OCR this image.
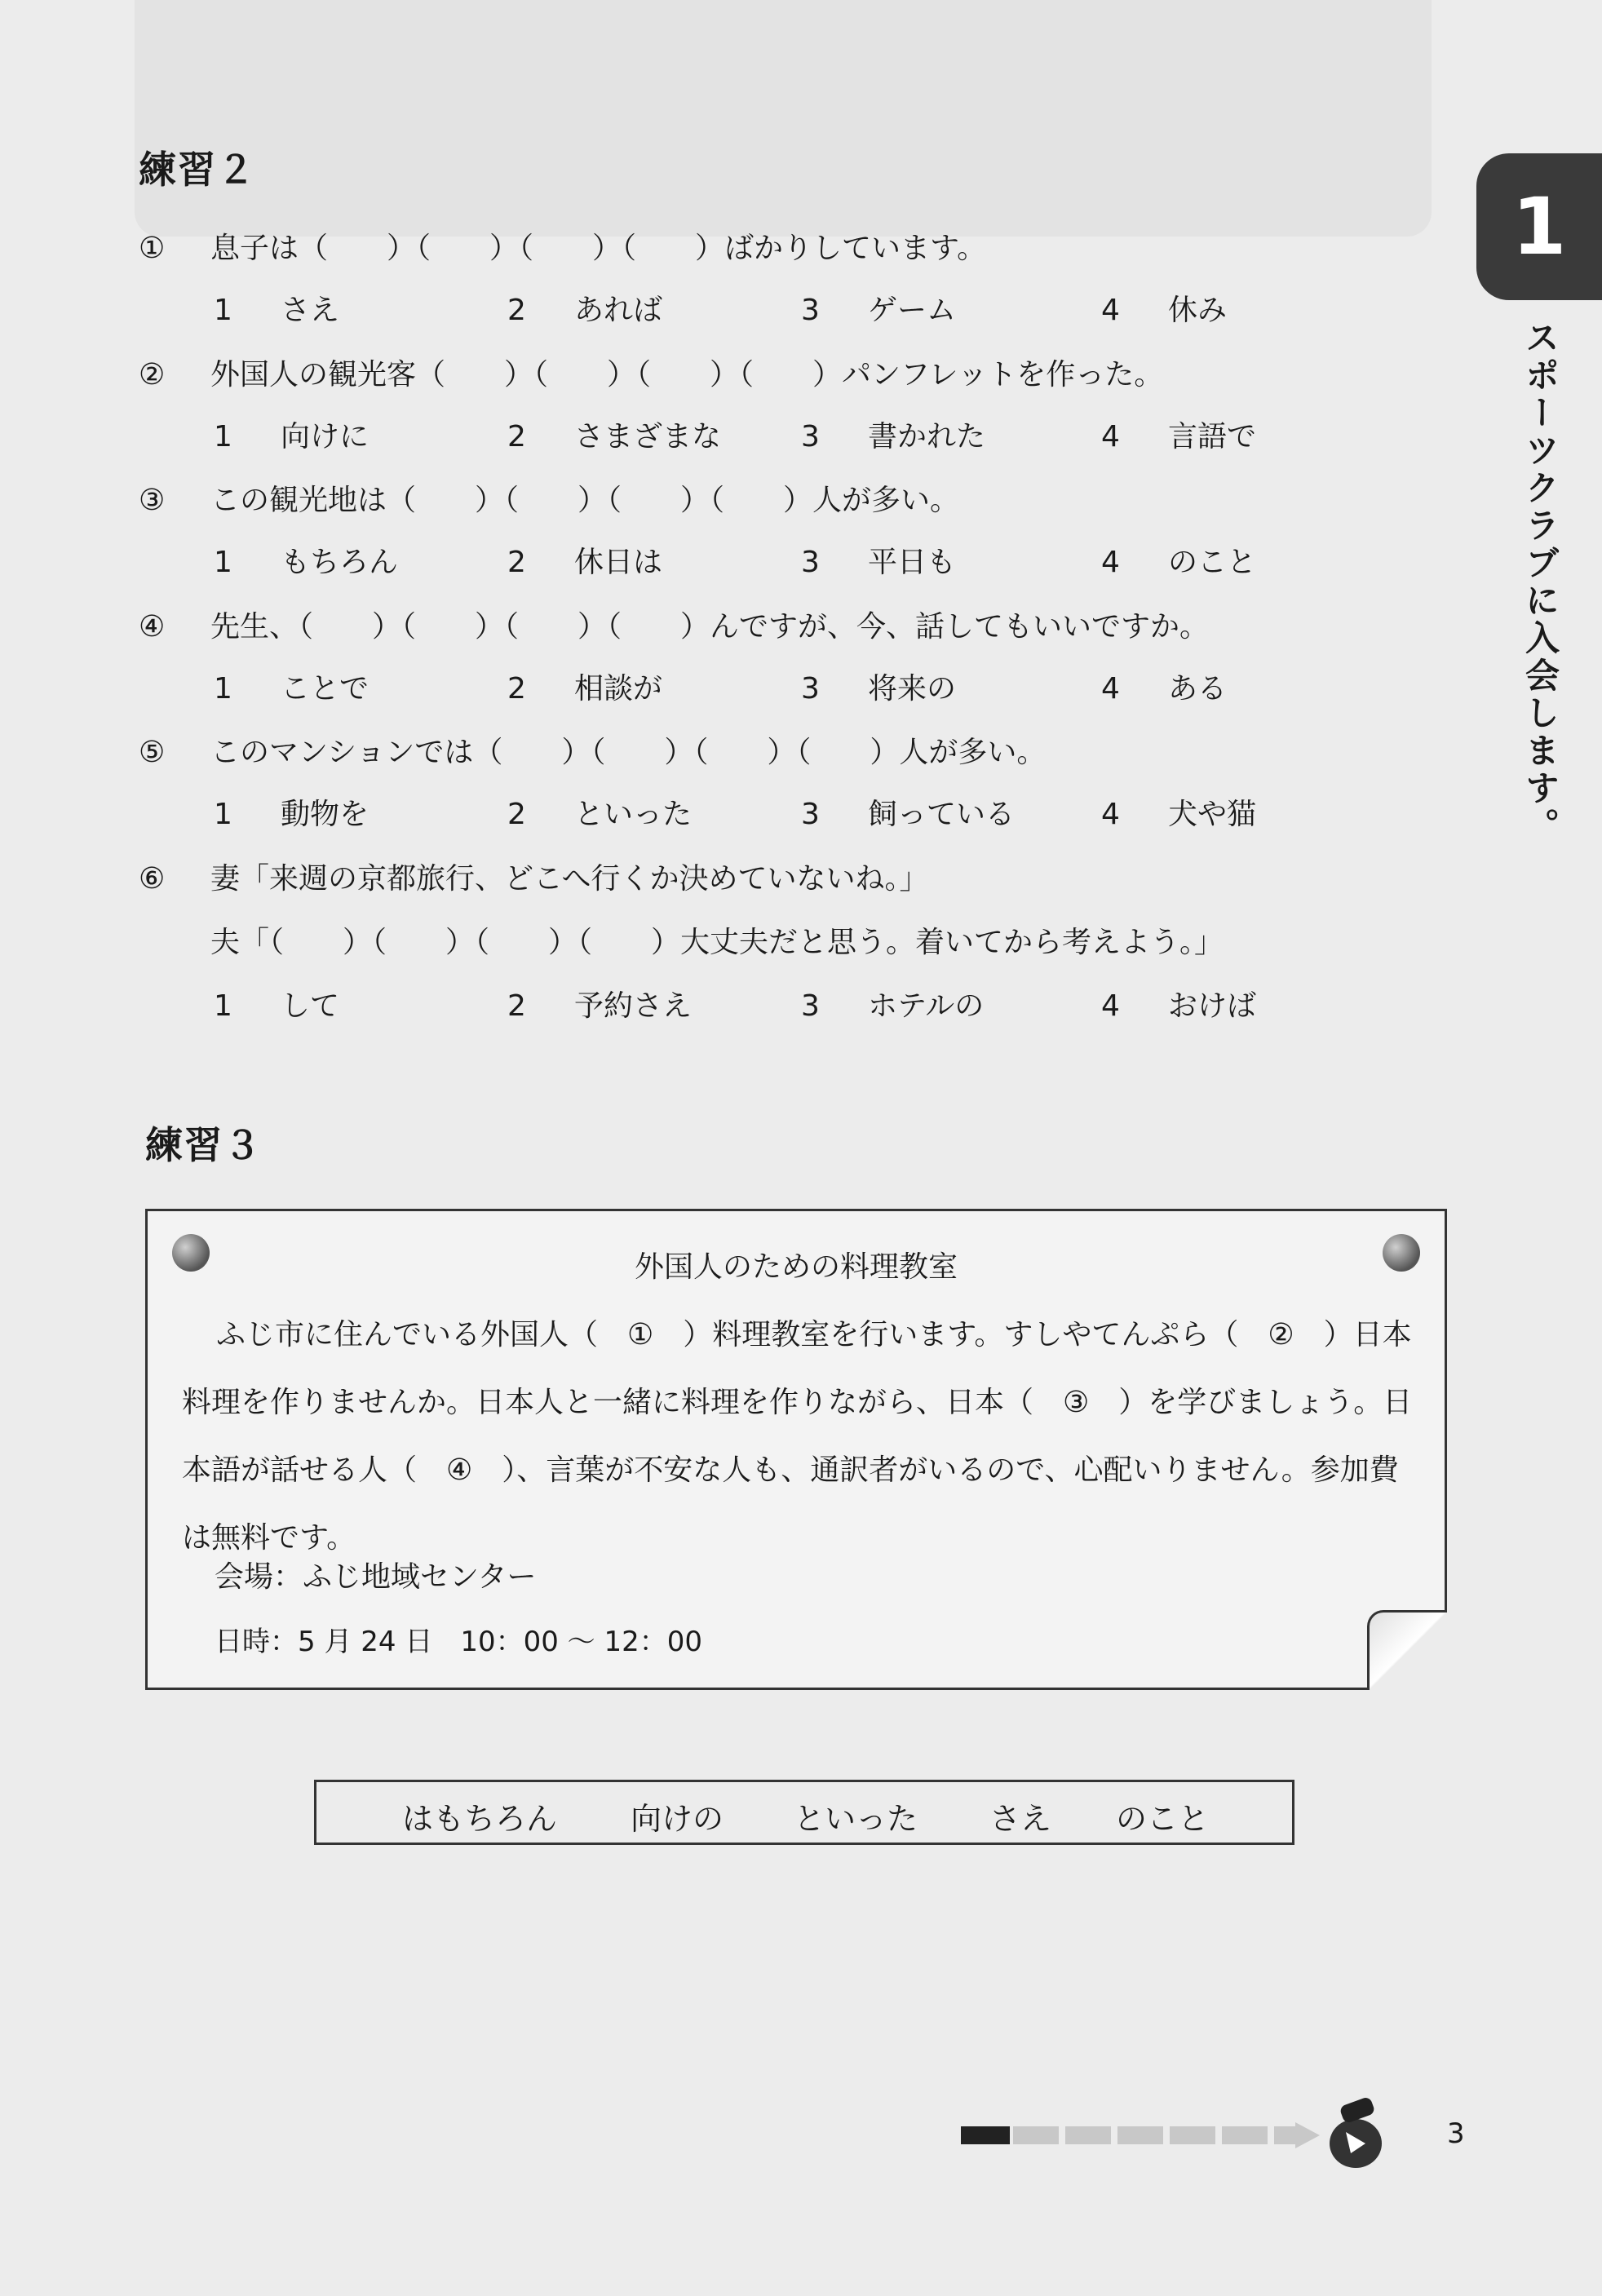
1
スポーツクラブに入会します。
練習２
① 息子は（　　）（　　）（　　）（　　）ばかりしています。
1 さえ	2 あれば	3 ゲーム	4 休み
② 外国人の観光客（　　）（　　）（　　）（　　）パンフレットを作った。
1 向けに	2 さまざまな	3 書かれた	4 言語で
③ この観光地は（　　）（　　）（　　）（　　）人が多い。
1 もちろん	2 休日は	3 平日も	4 のこと
④ 先生、（　　）（　　）（　　）（　　）んですが、今、話してもいいですか。
1 ことで	2 相談が	3 将来の	4 ある
⑤ このマンションでは（　　）（　　）（　　）（　　）人が多い。
1 動物を	2 といった	3 飼っている	4 犬や猫
⑥ 妻「来週の京都旅行、どこへ行くか決めていないね。」
夫「（　　）（　　）（　　）（　　）大丈夫だと思う。着いてから考えよう。」
1 して	2 予約さえ	3 ホテルの	4 おけば
練習３
外国人のための料理教室
ふじ市に住んでいる外国人（　①　）料理教室を行います。すしやてんぷら（　②　）日本料理を作りませんか。日本人と一緒に料理を作りながら、日本（　③　）を学びましょう。日本語が話せる人（　④　）、言葉が不安な人も、通訳者がいるので、心配いりません。参加費は無料です。
会場：ふじ地域センター
日時：5 月 24 日　10：00 〜 12：00
はもちろん 向けの といった さえ のこと
3
